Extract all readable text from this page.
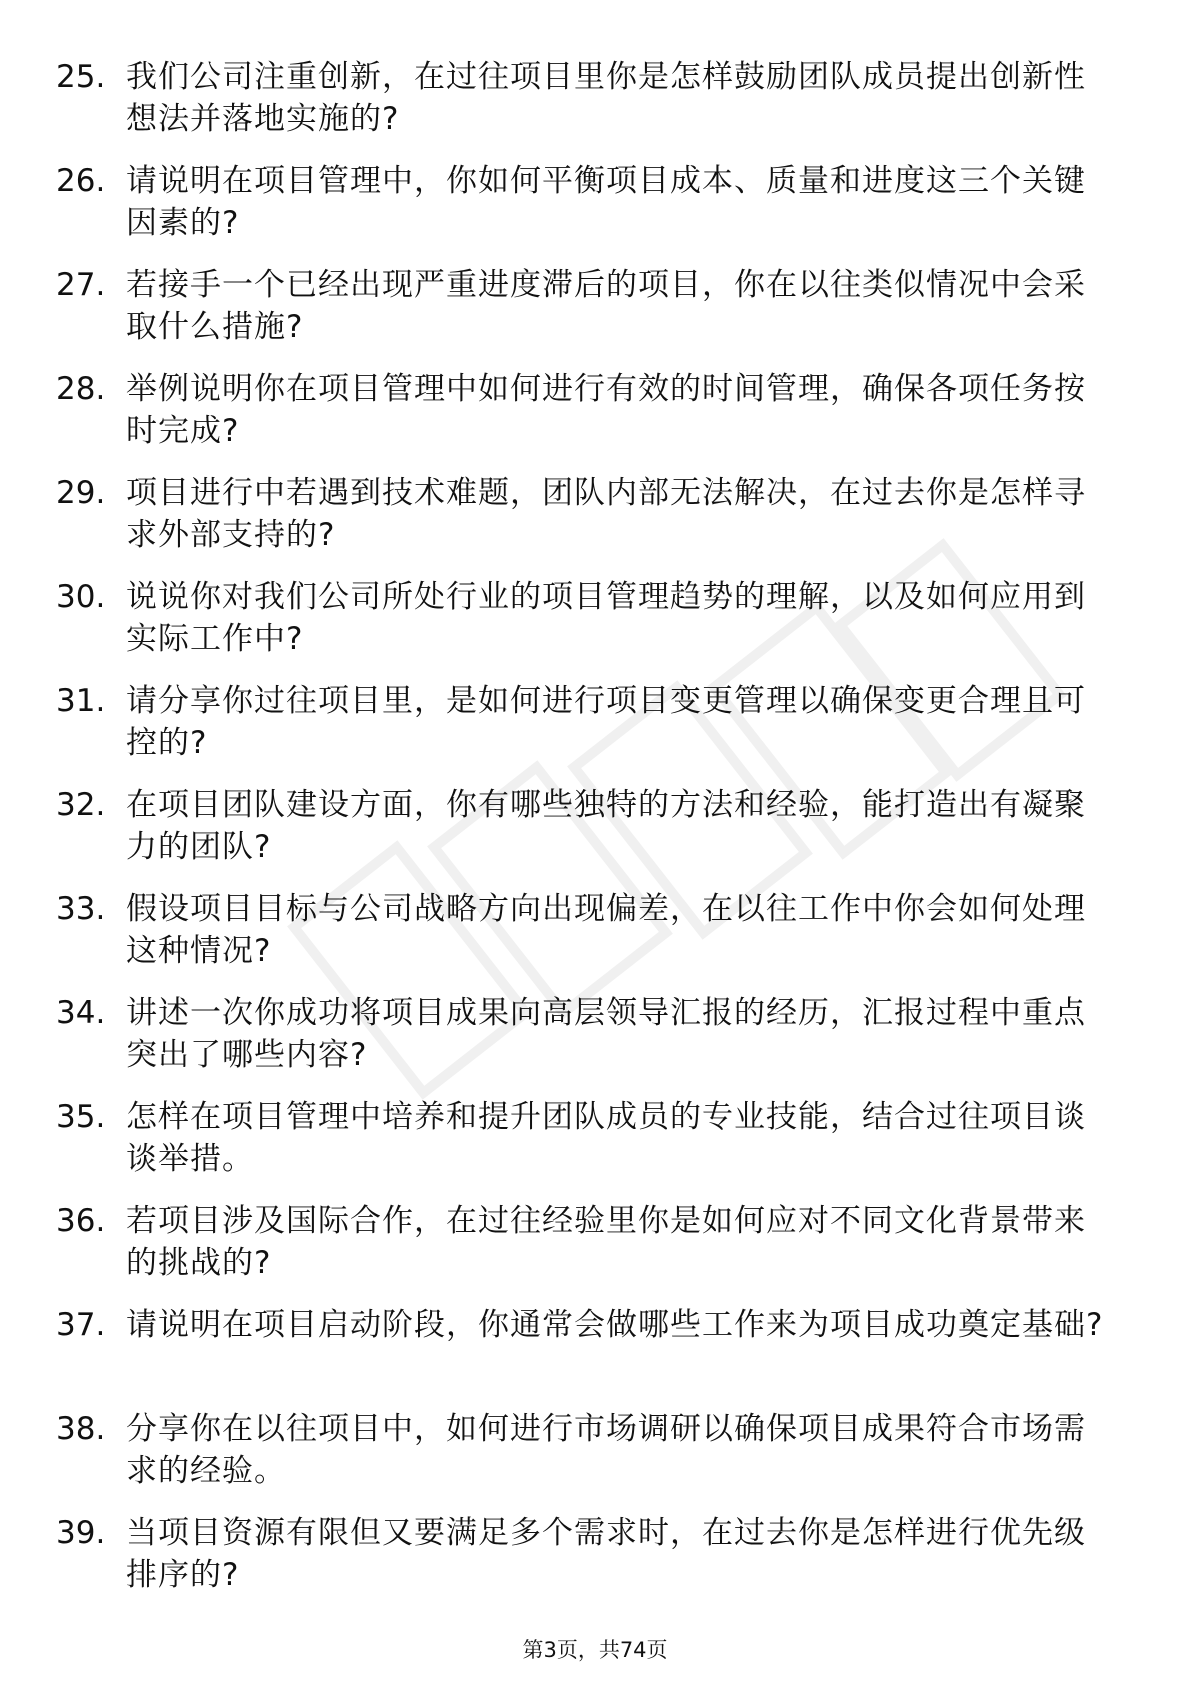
25. 我们公司注重创新，在过往项目里你是怎样鼓励团队成员提出创新性想法并落地实施的?
26. 请说明在项目管理中，你如何平衡项目成本、质量和进度这三个关键因素的?
27. 若接手一个已经出现严重进度滞后的项目，你在以往类似情况中会采取什么措施?
28. 举例说明你在项目管理中如何进行有效的时间管理，确保各项任务按时完成?
29. 项目进行中若遇到技术难题，团队内部无法解决，在过去你是怎样寻求外部支持的?
30. 说说你对我们公司所处行业的项目管理趋势的理解，以及如何应用到实际工作中?
31. 请分享你过往项目里，是如何进行项目变更管理以确保变更合理且可控的?
32. 在项目团队建设方面，你有哪些独特的方法和经验，能打造出有凝聚力的团队?
33. 假设项目目标与公司战略方向出现偏差，在以往工作中你会如何处理这种情况?
34. 讲述一次你成功将项目成果向高层领导汇报的经历，汇报过程中重点突出了哪些内容?
35. 怎样在项目管理中培养和提升团队成员的专业技能，结合过往项目谈谈举措。
36. 若项目涉及国际合作，在过往经验里你是如何应对不同文化背景带来的挑战的?
37. 请说明在项目启动阶段，你通常会做哪些工作来为项目成功奠定基础?
38. 分享你在以往项目中，如何进行市场调研以确保项目成果符合市场需求的经验。
39. 当项目资源有限但又要满足多个需求时，在过去你是怎样进行优先级排序的?
第3页，共74页
